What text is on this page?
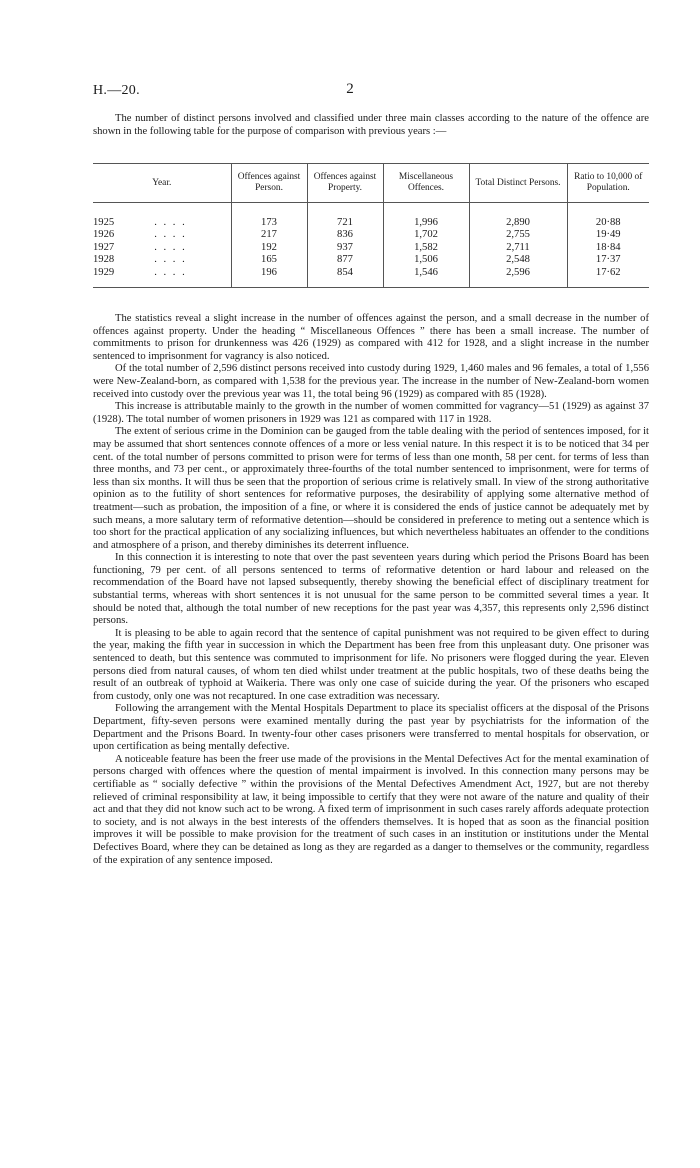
H.—20.	2

The number of distinct persons involved and classified under three main classes according to the nature of the offence are shown in the following table for the purpose of comparison with previous years :—

Year.	Offences against Person.	Offences against Property.	Miscellaneous Offences.	Total Distinct Persons.	Ratio to 10,000 of Population.

1925 . . . .	173	721	1,996	2,890	20·88
1926 . . . .	217	836	1,702	2,755	19·49
1927 . . . .	192	937	1,582	2,711	18·84
1928 . . . .	165	877	1,506	2,548	17·37
1929 . . . .	196	854	1,546	2,596	17·62

The statistics reveal a slight increase in the number of offences against the person, and a small decrease in the number of offences against property. Under the heading “ Miscellaneous Offences ” there has been a small increase. The number of commitments to prison for drunkenness was 426 (1929) as compared with 412 for 1928, and a slight increase in the number sentenced to imprisonment for vagrancy is also noticed.

Of the total number of 2,596 distinct persons received into custody during 1929, 1,460 males and 96 females, a total of 1,556 were New-Zealand-born, as compared with 1,538 for the previous year. The increase in the number of New-Zealand-born women received into custody over the previous year was 11, the total being 96 (1929) as compared with 85 (1928).

This increase is attributable mainly to the growth in the number of women committed for vagrancy—51 (1929) as against 37 (1928). The total number of women prisoners in 1929 was 121 as compared with 117 in 1928.

The extent of serious crime in the Dominion can be gauged from the table dealing with the period of sentences imposed, for it may be assumed that short sentences connote offences of a more or less venial nature. In this respect it is to be noticed that 34 per cent. of the total number of persons committed to prison were for terms of less than one month, 58 per cent. for terms of less than three months, and 73 per cent., or approximately three-fourths of the total number sentenced to imprisonment, were for terms of less than six months. It will thus be seen that the proportion of serious crime is relatively small. In view of the strong authoritative opinion as to the futility of short sentences for reformative purposes, the desirability of applying some alternative method of treatment—such as probation, the imposition of a fine, or where it is considered the ends of justice cannot be adequately met by such means, a more salutary term of reformative detention—should be considered in preference to meting out a sentence which is too short for the practical application of any socializing influences, but which nevertheless habituates an offender to the conditions and atmosphere of a prison, and thereby diminishes its deterrent influence.

In this connection it is interesting to note that over the past seventeen years during which period the Prisons Board has been functioning, 79 per cent. of all persons sentenced to terms of reformative detention or hard labour and released on the recommendation of the Board have not lapsed subsequently, thereby showing the beneficial effect of disciplinary treatment for substantial terms, whereas with short sentences it is not unusual for the same person to be committed several times a year. It should be noted that, although the total number of new receptions for the past year was 4,357, this represents only 2,596 distinct persons.

It is pleasing to be able to again record that the sentence of capital punishment was not required to be given effect to during the year, making the fifth year in succession in which the Department has been free from this unpleasant duty. One prisoner was sentenced to death, but this sentence was commuted to imprisonment for life. No prisoners were flogged during the year. Eleven persons died from natural causes, of whom ten died whilst under treatment at the public hospitals, two of these deaths being the result of an outbreak of typhoid at Waikeria. There was only one case of suicide during the year. Of the prisoners who escaped from custody, only one was not recaptured. In one case extradition was necessary.

Following the arrangement with the Mental Hospitals Department to place its specialist officers at the disposal of the Prisons Department, fifty-seven persons were examined mentally during the past year by psychiatrists for the information of the Department and the Prisons Board. In twenty-four other cases prisoners were transferred to mental hospitals for observation, or upon certification as being mentally defective.

A noticeable feature has been the freer use made of the provisions in the Mental Defectives Act for the mental examination of persons charged with offences where the question of mental impairment is involved. In this connection many persons may be certifiable as “ socially defective ” within the provisions of the Mental Defectives Amendment Act, 1927, but are not thereby relieved of criminal responsibility at law, it being impossible to certify that they were not aware of the nature and quality of their act and that they did not know such act to be wrong. A fixed term of imprisonment in such cases rarely affords adequate protection to society, and is not always in the best interests of the offenders themselves. It is hoped that as soon as the financial position improves it will be possible to make provision for the treatment of such cases in an institution or institutions under the Mental Defectives Board, where they can be detained as long as they are regarded as a danger to themselves or the community, regardless of the expiration of any sentence imposed.
